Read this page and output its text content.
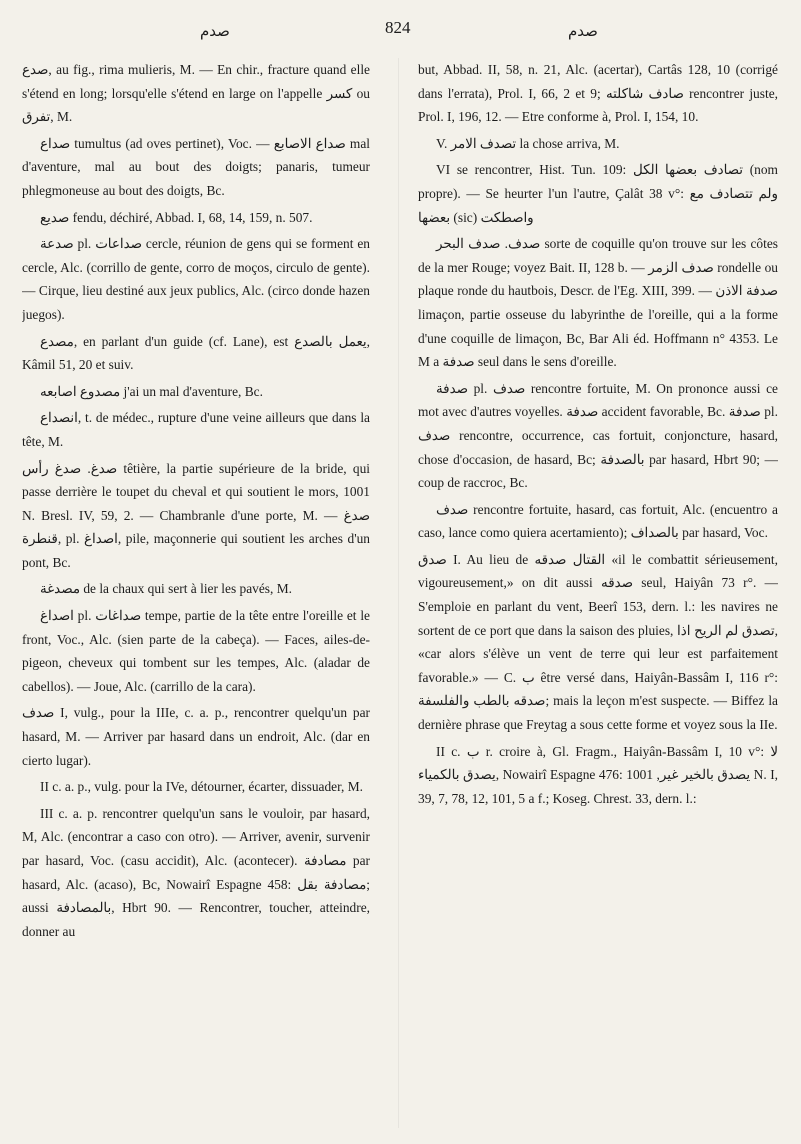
صدم	824	صدم

صدع, au fig., rima mulieris, M. — En chir., fracture quand elle s'étend en long; lorsqu'elle s'étend en large on l'appelle كسر ou تفرق, M.

صداع tumultus (ad oves pertinet), Voc. — صداع الاصابع mal d'aventure, mal au bout des doigts; panaris, tumeur phlegmoneuse au bout des doigts, Bc.

صديع fendu, déchiré, Abbad. I, 68, 14, 159, n. 507.

صدعة pl. صداعات cercle, réunion de gens qui se forment en cercle, Alc. (corrillo de gente, corro de moços, circulo de gente). — Cirque, lieu destiné aux jeux publics, Alc. (circo donde hazen juegos).

مصدع, en parlant d'un guide (cf. Lane), est يعمل بالصدع, Kâmil 51, 20 et suiv.

مصدوع اصابعه j'ai un mal d'aventure, Bc.

انصداع, t. de médec., rupture d'une veine ailleurs que dans la tête, M.

صدغ. صدغ رأس têtière, la partie supérieure de la bride, qui passe derrière le toupet du cheval et qui soutient le mors, 1001 N. Bresl. IV, 59, 2. — Chambranle d'une porte, M. — صدغ قنطرة, pl. اصداغ, pile, maçonnerie qui soutient les arches d'un pont, Bc.

مصدغة de la chaux qui sert à lier les pavés, M.

اصداغ pl. صداغات tempe, partie de la tête entre l'oreille et le front, Voc., Alc. (sien parte de la cabeça). — Faces, ailes-de-pigeon, cheveux qui tombent sur les tempes, Alc. (aladar de cabellos). — Joue, Alc. (carrillo de la cara).

صدف I, vulg., pour la IIIe, c. a. p., rencontrer quelqu'un par hasard, M. — Arriver par hasard dans un endroit, Alc. (dar en cierto lugar).

II c. a. p., vulg. pour la IVe, détourner, écarter, dissuader, M.

III c. a. p. rencontrer quelqu'un sans le vouloir, par hasard, M, Alc. (encontrar a caso con otro). — Arriver, avenir, survenir par hasard, Voc. (casu accidit), Alc. (acontecer). مصادفة par hasard, Alc. (acaso), Bc, Nowairî Espagne 458: مصادفة بقل; aussi بالمصادفة, Hbrt 90. — Rencontrer, toucher, atteindre, donner au

but, Abbad. II, 58, n. 21, Alc. (acertar), Cartâs 128, 10 (corrigé dans l'errata), Prol. I, 66, 2 et 9; صادف شاكلته rencontrer juste, Prol. I, 196, 12. — Etre conforme à, Prol. I, 154, 10.

V. تصدف الامر la chose arriva, M.

VI se rencontrer, Hist. Tun. 109: تصادف بعضها الكل (nom propre). — Se heurter l'un l'autre, Çalât 38 v°: ولم تتصادف مع بعضها (sic) واصطكت

صدف. صدف البحر sorte de coquille qu'on trouve sur les côtes de la mer Rouge; voyez Bait. II, 128 b. — صدف الزمر rondelle ou plaque ronde du hautbois, Descr. de l'Eg. XIII, 399. — صدفة الاذن limaçon, partie osseuse du labyrinthe de l'oreille, qui a la forme d'une coquille de limaçon, Bc, Bar Ali éd. Hoffmann n° 4353. Le M a صدفة seul dans le sens d'oreille.

صدفة pl. صدف rencontre fortuite, M. On prononce aussi ce mot avec d'autres voyelles. صدفة accident favorable, Bc. صدفة pl. صدف rencontre, occurrence, cas fortuit, conjoncture, hasard, chose d'occasion, de hasard, Bc; بالصدفة par hasard, Hbrt 90; — coup de raccroc, Bc.

صدف rencontre fortuite, hasard, cas fortuit, Alc. (encuentro a caso, lance como quiera acertamiento); بالصداف par hasard, Voc.

صدق I. Au lieu de القتال صدقه «il le combattit sérieusement, vigoureusement,» on dit aussi صدقه seul, Haiyân 73 r°. — S'emploie en parlant du vent, Beerî 153, dern. l.: les navires ne sortent de ce port que dans la saison des pluies, تصدق لم الريح اذا, «car alors s'élève un vent de terre qui leur est parfaitement favorable.» — C. ب être versé dans, Haiyân-Bassâm I, 116 r°: صدقه بالطب والفلسفة; mais la leçon m'est suspecte. — Biffez la dernière phrase que Freytag a sous cette forme et voyez sous la IIe.

II c. ب r. croire à, Gl. Fragm., Haiyân-Bassâm I, 10 v°: لا يصدق بالكمياء, Nowairî Espagne 476: يصدق بالخير غير, 1001 N. I, 39, 7, 78, 12, 101, 5 a f.; Koseg. Chrest. 33, dern. l.:
